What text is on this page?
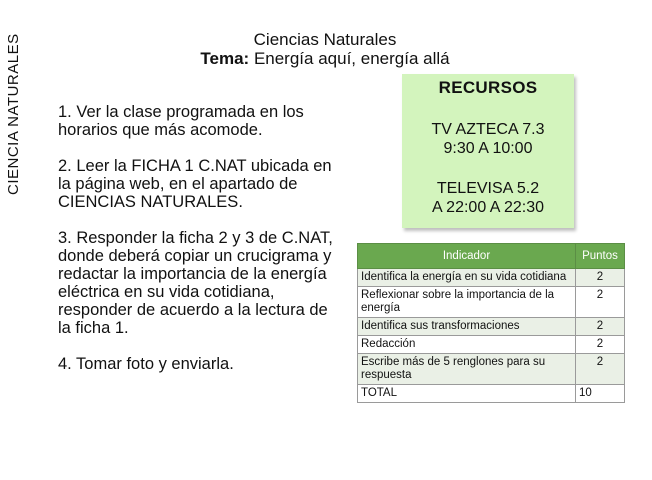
CIENCIA NATURALES	Ciencias Naturales
Tema: Energía aquí, energía allá

1. Ver la clase programada en los horarios que más acomode.

2. Leer la FICHA 1 C.NAT ubicada en la página web, en el apartado de CIENCIAS NATURALES.

3. Responder la ficha 2 y 3 de C.NAT, donde deberá copiar un crucigrama y redactar la importancia de la energía eléctrica en su vida cotidiana, responder de acuerdo a la lectura de la ficha 1.

4. Tomar foto y enviarla.

RECURSOS
TV AZTECA 7.3
9:30 A 10:00
TELEVISA 5.2
A 22:00 A 22:30
Indicador	Puntos
Identifica la energía en su vida cotidiana	2
Reflexionar sobre la importancia de la energía	2
Identifica sus transformaciones	2
Redacción	2
Escribe más de 5 renglones para su respuesta	2
TOTAL	10
